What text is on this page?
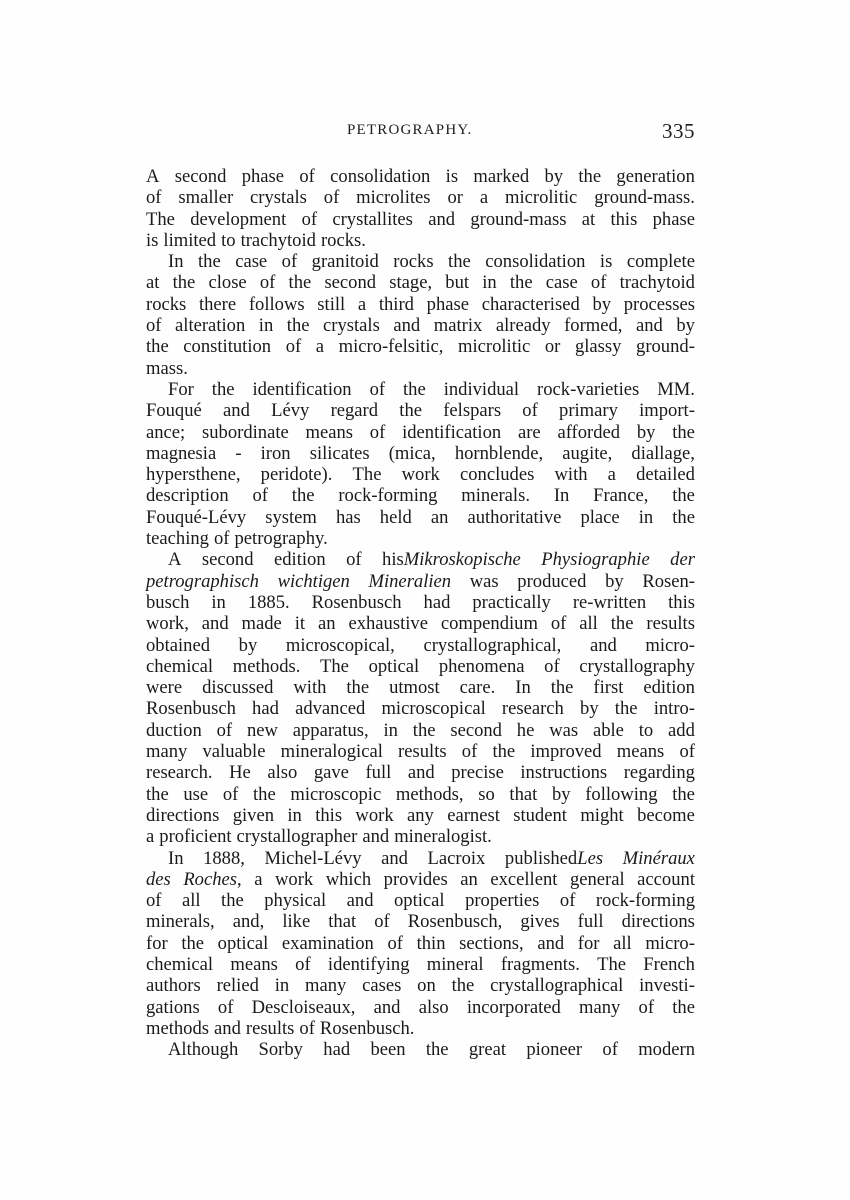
PETROGRAPHY.	335
A second phase of consolidation is marked by the generation
of smaller crystals of microlites or a microlitic ground-mass.
The development of crystallites and ground-mass at this phase
is limited to trachytoid rocks.
In the case of granitoid rocks the consolidation is complete
at the close of the second stage, but in the case of trachytoid
rocks there follows still a third phase characterised by processes
of alteration in the crystals and matrix already formed, and by
the constitution of a micro-felsitic, microlitic or glassy ground-
mass.
For the identification of the individual rock-varieties MM.
Fouqué and Lévy regard the felspars of primary import-
ance; subordinate means of identification are afforded by the
magnesia - iron silicates (mica, hornblende, augite, diallage,
hypersthene, peridote). The work concludes with a detailed
description of the rock-forming minerals. In France, the
Fouqué-Lévy system has held an authoritative place in the
teaching of petrography.
A second edition of hisMikroskopische Physiographie der
petrographisch wichtigen Mineralien was produced by Rosen-
busch in 1885. Rosenbusch had practically re-written this
work, and made it an exhaustive compendium of all the results
obtained by microscopical, crystallographical, and micro-
chemical methods. The optical phenomena of crystallography
were discussed with the utmost care. In the first edition
Rosenbusch had advanced microscopical research by the intro-
duction of new apparatus, in the second he was able to add
many valuable mineralogical results of the improved means of
research. He also gave full and precise instructions regarding
the use of the microscopic methods, so that by following the
directions given in this work any earnest student might become
a proficient crystallographer and mineralogist.
In 1888, Michel-Lévy and Lacroix publishedLes Minéraux
des Roches, a work which provides an excellent general account
of all the physical and optical properties of rock-forming
minerals, and, like that of Rosenbusch, gives full directions
for the optical examination of thin sections, and for all micro-
chemical means of identifying mineral fragments. The French
authors relied in many cases on the crystallographical investi-
gations of Descloiseaux, and also incorporated many of the
methods and results of Rosenbusch.
Although Sorby had been the great pioneer of modern
